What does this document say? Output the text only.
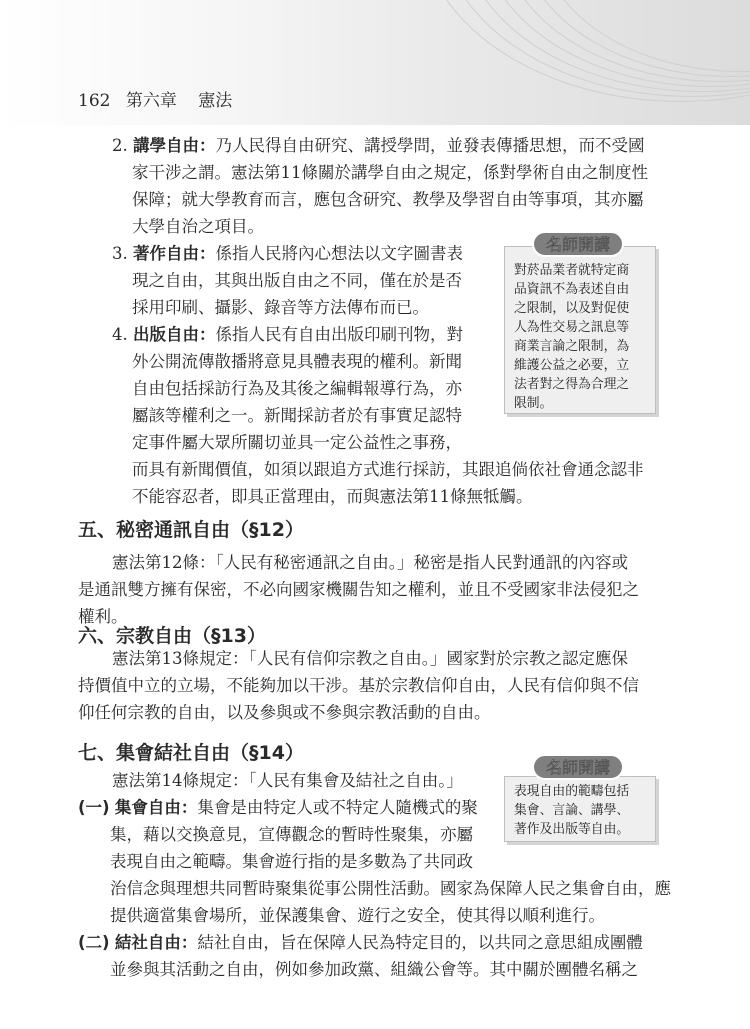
162 第六章 憲法
2. 講學自由：乃人民得自由研究、講授學問，並發表傳播思想，而不受國
家干涉之謂。憲法第11條關於講學自由之規定，係對學術自由之制度性
保障；就大學教育而言，應包含研究、教學及學習自由等事項，其亦屬
大學自治之項目。
3. 著作自由：係指人民將內心想法以文字圖書表
現之自由，其與出版自由之不同，僅在於是否
採用印刷、攝影、錄音等方法傳布而已。
4. 出版自由：係指人民有自由出版印刷刊物，對
外公開流傳散播將意見具體表現的權利。新聞
自由包括採訪行為及其後之編輯報導行為，亦
屬該等權利之一。新聞採訪者於有事實足認特
定事件屬大眾所關切並具一定公益性之事務，
而具有新聞價值，如須以跟追方式進行採訪，其跟追倘依社會通念認非
不能容忍者，即具正當理由，而與憲法第11條無牴觸。
對菸品業者就特定商
品資訊不為表述自由
之限制，以及對促使
人為性交易之訊息等
商業言論之限制，為
維護公益之必要，立
法者對之得為合理之
限制。
名師開講
五、秘密通訊自由（§12）
憲法第12條：「人民有秘密通訊之自由。」秘密是指人民對通訊的內容或
是通訊雙方擁有保密，不必向國家機關告知之權利，並且不受國家非法侵犯之
權利。
六、宗教自由（§13）
憲法第13條規定：「人民有信仰宗教之自由。」國家對於宗教之認定應保
持價值中立的立場，不能夠加以干涉。基於宗教信仰自由，人民有信仰與不信
仰任何宗教的自由，以及參與或不參與宗教活動的自由。
七、集會結社自由（§14）
憲法第14條規定：「人民有集會及結社之自由。」
(一) 集會自由：集會是由特定人或不特定人隨機式的聚
集，藉以交換意見，宣傳觀念的暫時性聚集，亦屬
表現自由之範疇。集會遊行指的是多數為了共同政
治信念與理想共同暫時聚集從事公開性活動。國家為保障人民之集會自由，應
提供適當集會場所，並保護集會、遊行之安全，使其得以順利進行。
(二) 結社自由：結社自由，旨在保障人民為特定目的，以共同之意思組成團體
並參與其活動之自由，例如參加政黨、組織公會等。其中關於團體名稱之
表現自由的範疇包括
集會、言論、講學、
著作及出版等自由。
名師開講
